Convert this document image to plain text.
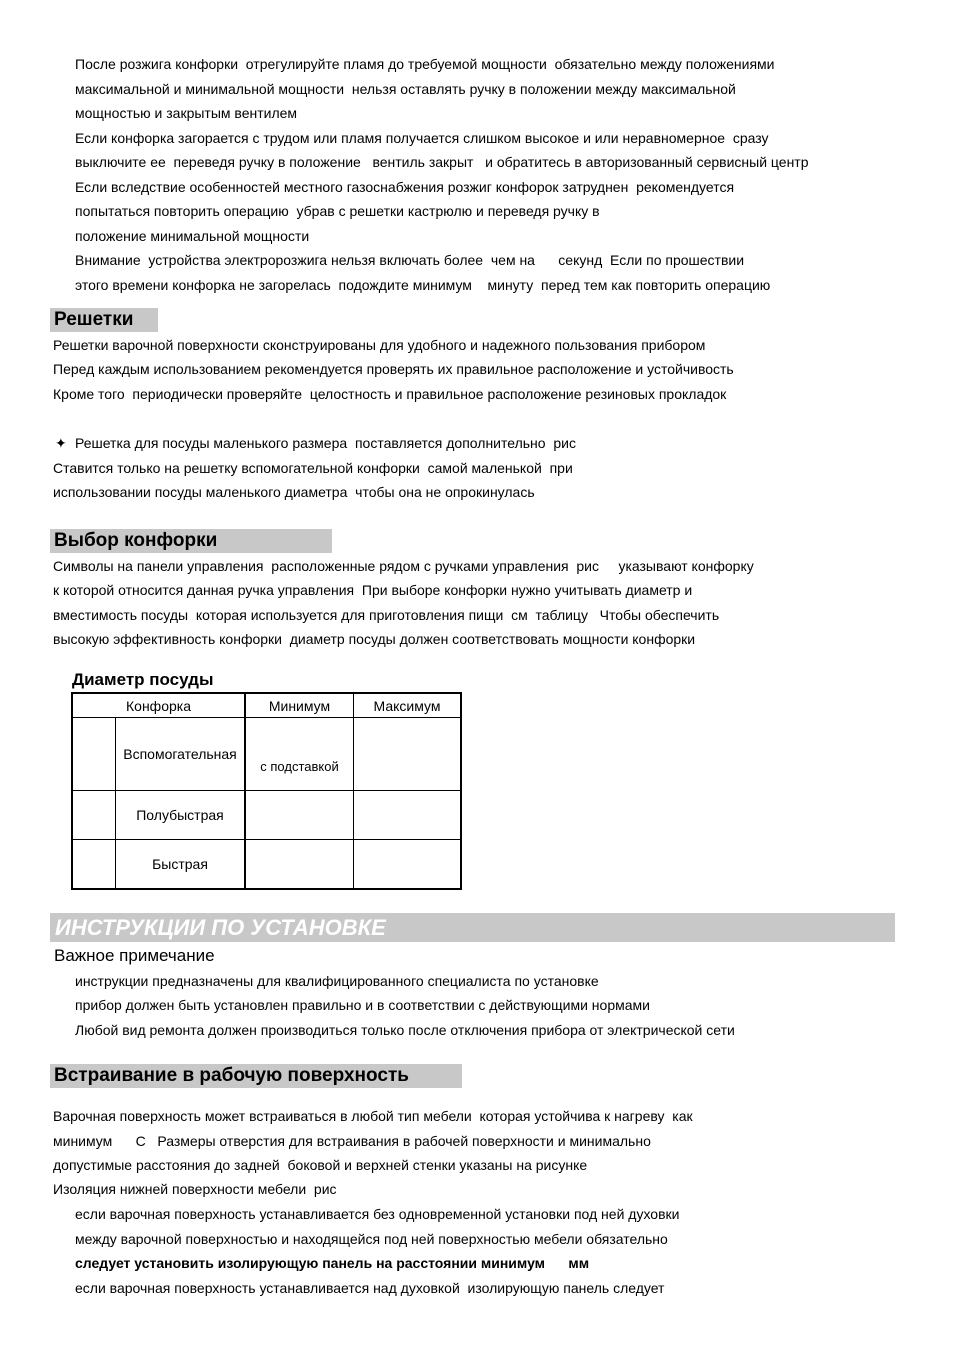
После розжига конфорки  отрегулируйте пламя до требуемой мощности  обязательно между положениями
максимальной и минимальной мощности  нельзя оставлять ручку в положении между максимальной
мощностью и закрытым вентилем
Если конфорка загорается с трудом или пламя получается слишком высокое и или неравномерное  сразу
выключите ее  переведя ручку в положение   вентиль закрыт   и обратитесь в авторизованный сервисный центр
Если вследствие особенностей местного газоснабжения розжиг конфорок затруднен  рекомендуется
попытаться повторить операцию  убрав с решетки кастрюлю и переведя ручку в
положение минимальной мощности
Внимание  устройства электророзжига нельзя включать более  чем на      секунд  Если по прошествии
этого времени конфорка не загорелась  подождите минимум    минуту  перед тем как повторить операцию
Решетки
Решетки варочной поверхности сконструированы для удобного и надежного пользования прибором
Перед каждым использованием рекомендуется проверять их правильное расположение и устойчивость
Кроме того  периодически проверяйте  целостность и правильное расположение резиновых прокладок
✦ Решетка для посуды маленького размера  поставляется дополнительно  рис
Ставится только на решетку вспомогательной конфорки  самой маленькой  при
использовании посуды маленького диаметра  чтобы она не опрокинулась
Выбор конфорки
Символы на панели управления  расположенные рядом с ручками управления  рис     указывают конфорку
к которой относится данная ручка управления  При выборе конфорки нужно учитывать диаметр и
вместимость посуды  которая используется для приготовления пищи  см  таблицу   Чтобы обеспечить
высокую эффективность конфорки  диаметр посуды должен соответствовать мощности конфорки
Диаметр посуды
Конфорка		Минимум	Максимум
	Вспомогательная	с подставкой	
	Полубыстрая		
	Быстрая		
ИНСТРУКЦИИ ПО УСТАНОВКЕ
Важное примечание
инструкции предназначены для квалифицированного специалиста по установке
прибор должен быть установлен правильно и в соответствии с действующими нормами
Любой вид ремонта должен производиться только после отключения прибора от электрической сети
Встраивание в рабочую поверхность
Варочная поверхность может встраиваться в любой тип мебели  которая устойчива к нагреву  как
минимум      С   Размеры отверстия для встраивания в рабочей поверхности и минимально
допустимые расстояния до задней  боковой и верхней стенки указаны на рисунке
Изоляция нижней поверхности мебели  рис
если варочная поверхность устанавливается без одновременной установки под ней духовки
между варочной поверхностью и находящейся под ней поверхностью мебели обязательно
следует установить изолирующую панель на расстоянии минимум      мм
если варочная поверхность устанавливается над духовкой  изолирующую панель следует
